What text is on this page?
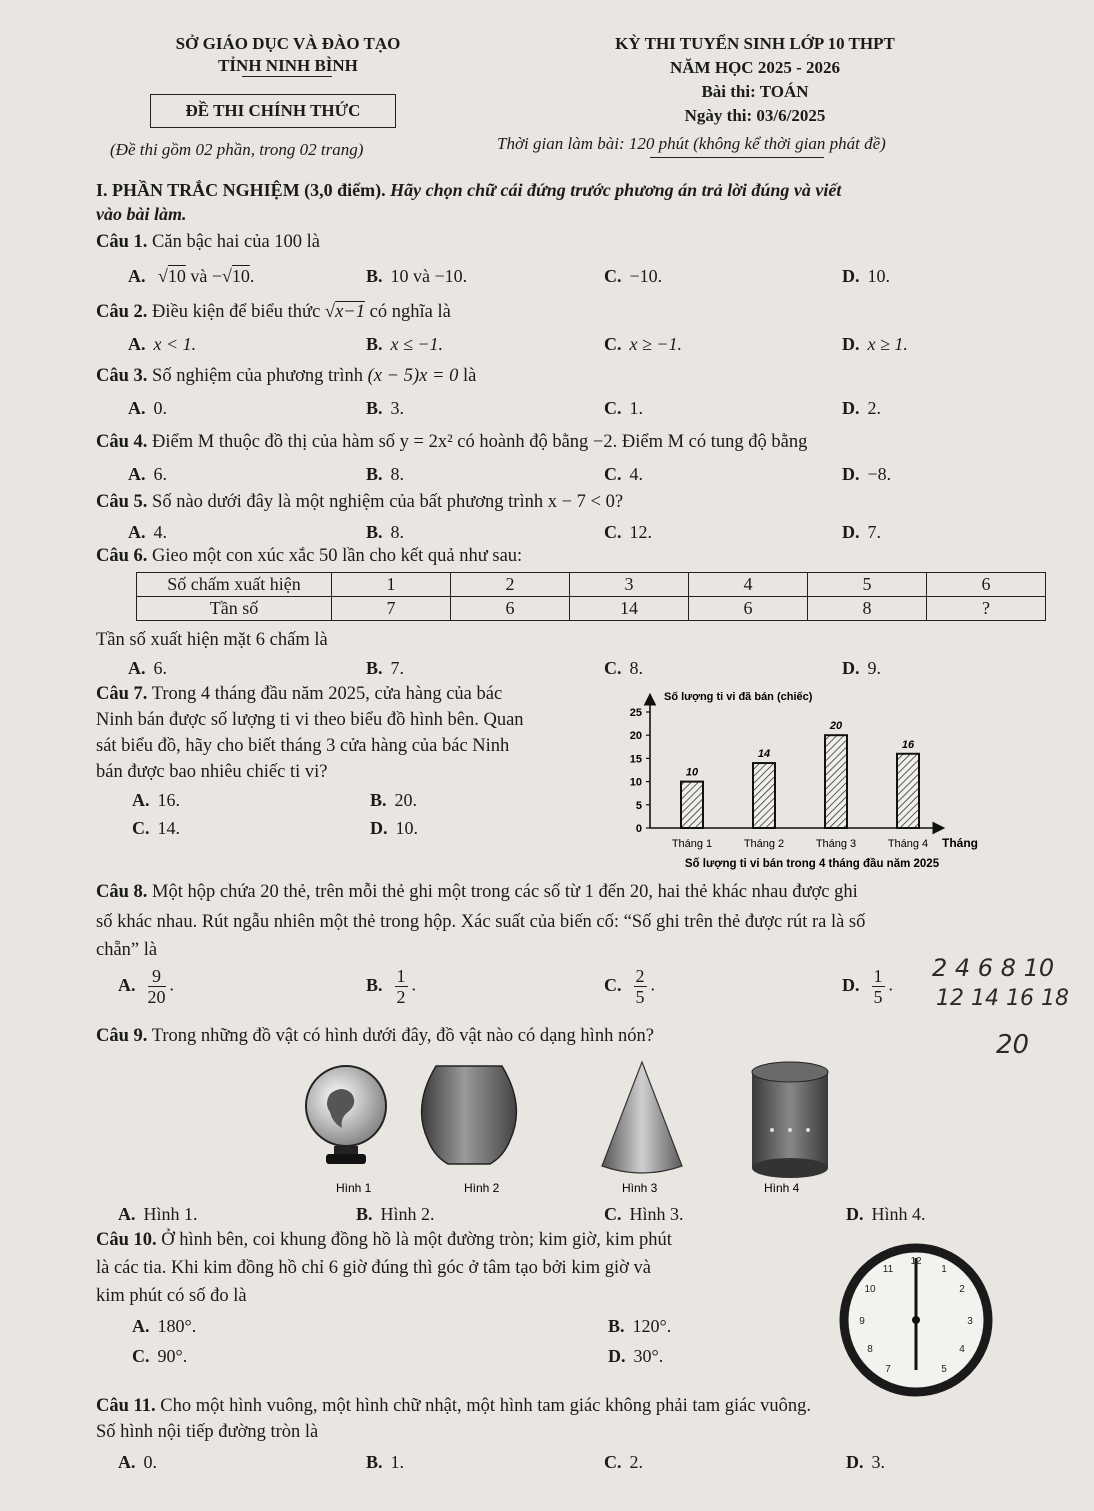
SỞ GIÁO DỤC VÀ ĐÀO TẠO
TỈNH NINH BÌNH
ĐỀ THI CHÍNH THỨC
(Đề thi gồm 02 phần, trong 02 trang)
KỲ THI TUYỂN SINH LỚP 10 THPT
NĂM HỌC 2025 - 2026
Bài thi: TOÁN
Ngày thi: 03/6/2025
Thời gian làm bài: 120 phút (không kể thời gian phát đề)
I. PHẦN TRẮC NGHIỆM (3,0 điểm). Hãy chọn chữ cái đứng trước phương án trả lời đúng và viết
vào bài làm.
Câu 1. Căn bậc hai của 100 là
A. √10 và −√10.	B. 10 và −10.	C. −10.	D. 10.
Câu 2. Điều kiện để biểu thức √x−1 có nghĩa là
A. x < 1.	B. x ≤ −1.	C. x ≥ −1.	D. x ≥ 1.
Câu 3. Số nghiệm của phương trình (x − 5)x = 0 là
A. 0.	B. 3.	C. 1.	D. 2.
Câu 4. Điểm M thuộc đồ thị của hàm số y = 2x² có hoành độ bằng −2. Điểm M có tung độ bằng
A. 6.	B. 8.	C. 4.	D. −8.
Câu 5. Số nào dưới đây là một nghiệm của bất phương trình x − 7 < 0?
A. 4.	B. 8.	C. 12.	D. 7.
Câu 6. Gieo một con xúc xắc 50 lần cho kết quả như sau:
Số chấm xuất hiện	1	2	3	4	5	6
Tần số	7	6	14	6	8	?
Tần số xuất hiện mặt 6 chấm là
A. 6.	B. 7.	C. 8.	D. 9.
Câu 7. Trong 4 tháng đầu năm 2025, cửa hàng của bác
Ninh bán được số lượng ti vi theo biểu đồ hình bên. Quan
sát biểu đồ, hãy cho biết tháng 3 cửa hàng của bác Ninh
bán được bao nhiêu chiếc ti vi?
A. 16.	B. 20.
C. 14.	D. 10.
Số lượng ti vi đã bán (chiếc)
0
5
10
15
20
25
10
14
20
16
Tháng 1	Tháng 2	Tháng 3	Tháng 4 Tháng
Số lượng ti vi bán trong 4 tháng đầu năm 2025
Câu 8. Một hộp chứa 20 thẻ, trên mỗi thẻ ghi một trong các số từ 1 đến 20, hai thẻ khác nhau được ghi
số khác nhau. Rút ngẫu nhiên một thẻ trong hộp. Xác suất của biến cố: “Số ghi trên thẻ được rút ra là số
chẵn” là
A. $\frac{9}{20}$ .	B. $\frac{1}{2}$ .	C. $\frac{2}{5}$ .	D. $\frac{1}{5}$ .
2 4 6 8 10
12 14 16 18
20
Câu 9. Trong những đồ vật có hình dưới đây, đồ vật nào có dạng hình nón?
Hình 1	Hình 2	Hình 3	Hình 4
A. Hình 1.	B. Hình 2.	C. Hình 3.	D. Hình 4.
Câu 10. Ở hình bên, coi khung đồng hồ là một đường tròn; kim giờ, kim phút
là các tia. Khi kim đồng hồ chỉ 6 giờ đúng thì góc ở tâm tạo bởi kim giờ và
kim phút có số đo là
A. 180°.	B. 120°.
C. 90°.	D. 30°.
12
1
2
3
4
5
7
8
9
10
11
Câu 11. Cho một hình vuông, một hình chữ nhật, một hình tam giác không phải tam giác vuông.
Số hình nội tiếp đường tròn là
A. 0.	B. 1.	C. 2.	D. 3.
